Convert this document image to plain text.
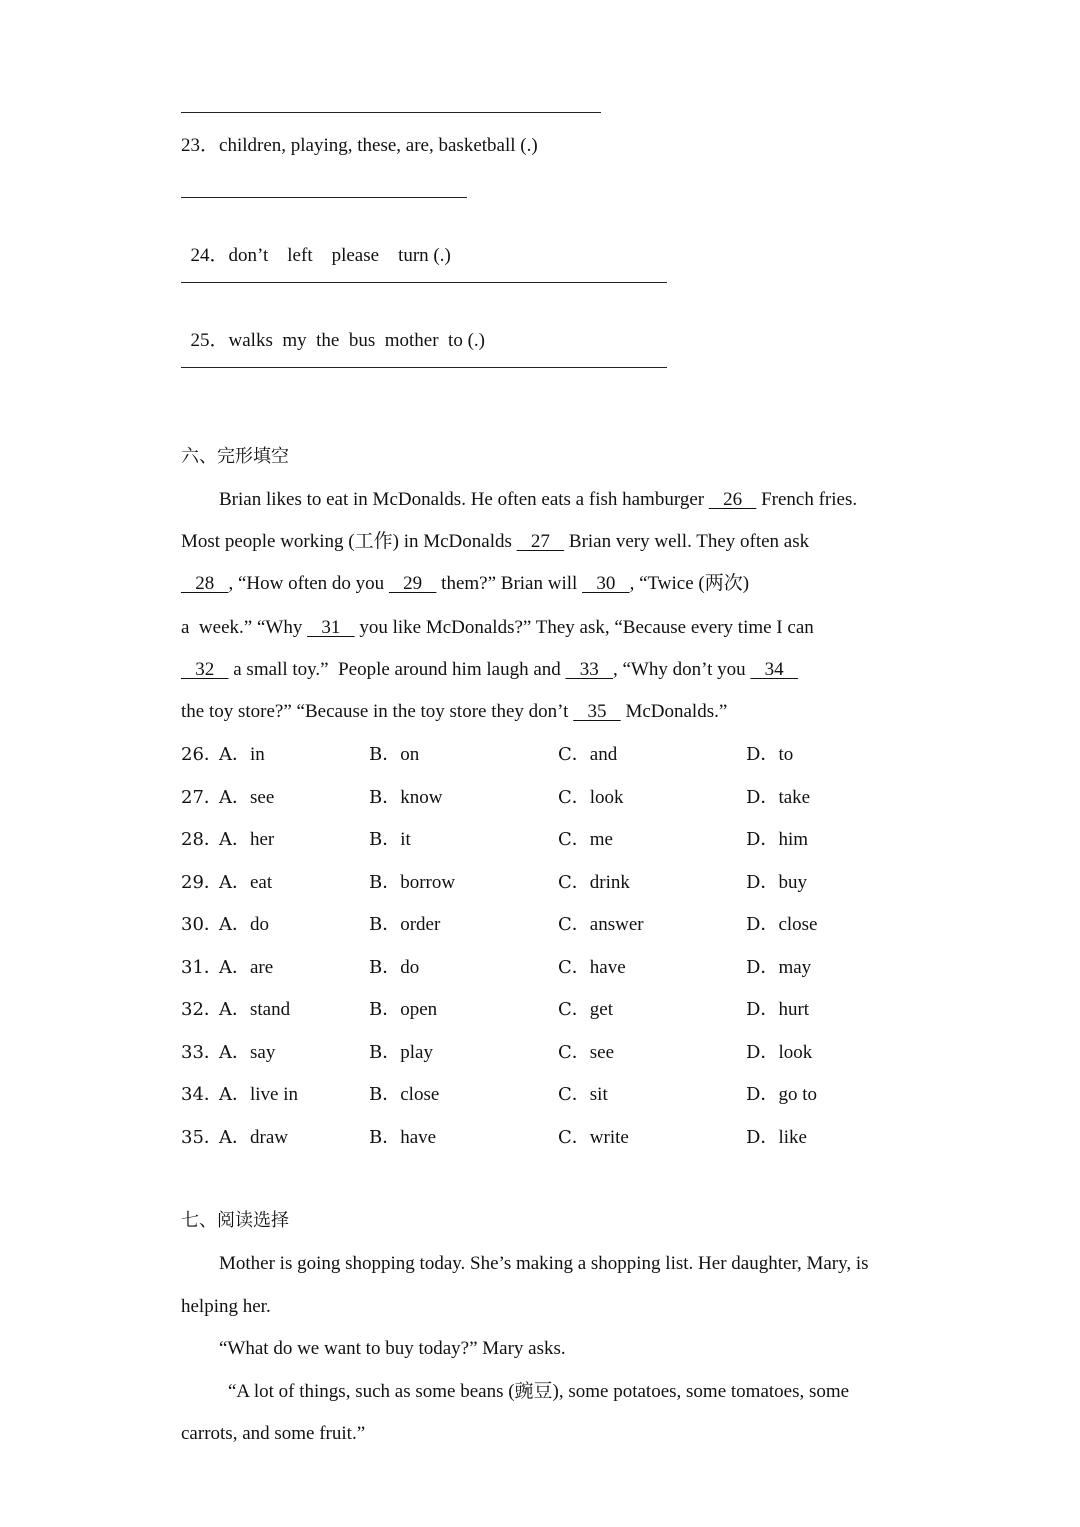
23．children, playing, these, are, basketball (.)

24．don’t    left    please    turn (.)

25．walks  my  the  bus  mother  to (.)

六、完形填空
Brian likes to eat in McDonalds. He often eats a fish hamburger    26    French fries.
Most people working (工作) in McDonalds    27    Brian very well. They often ask
28   , “How often do you    29    them?” Brian will    30   , “Twice (两次)
a  week.” “Why    31    you like McDonalds?” They ask, “Because every time I can
32    a small toy.”  People around him laugh and    33   , “Why don’t you    34
the toy store?” “Because in the toy store they don’t    35    McDonalds.”
26．
A．in	B．on	C．and	D．to
27．
A．see	B．know	C．look	D．take
28．
A．her	B．it	C．me	D．him
29．
A．eat	B．borrow	C．drink	D．buy
30．
A．do	B．order	C．answer	D．close
31．
A．are	B．do	C．have	D．may
32．
A．stand	B．open	C．get	D．hurt
33．
A．say	B．play	C．see	D．look
34．
A．live in	B．close	C．sit	D．go to
35．
A．draw	B．have	C．write	D．like
七、阅读选择
Mother is going shopping today. She’s making a shopping list. Her daughter, Mary, is
helping her.
“What do we want to buy today?” Mary asks.
“A lot of things, such as some beans (豌豆), some potatoes, some tomatoes, some
carrots, and some fruit.”
